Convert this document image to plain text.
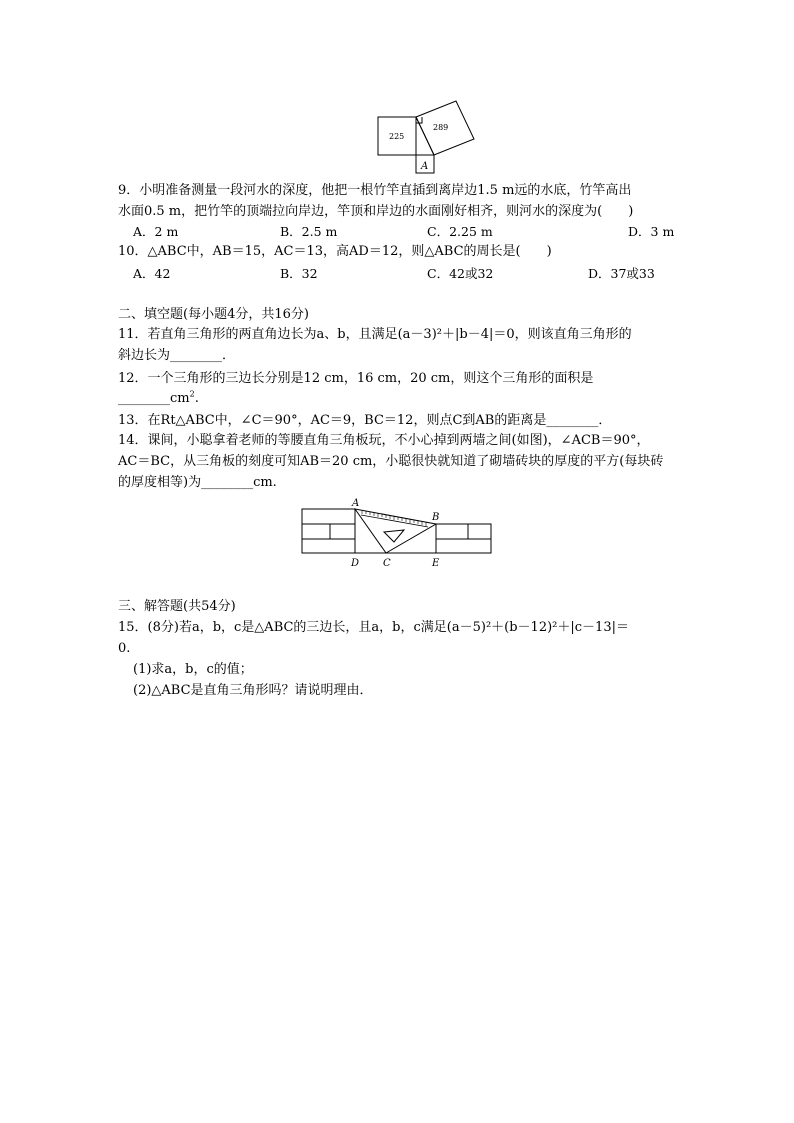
225
289
A
9．小明准备测量一段河水的深度，他把一根竹竿直插到离岸边1.5 m远的水底，竹竿高出
水面0.5 m，把竹竿的顶端拉向岸边，竿顶和岸边的水面刚好相齐，则河水的深度为(　　)
A．2 m	B．2.5 m	C．2.25 m	D．3 m
10．△ABC中，AB＝15，AC＝13，高AD＝12，则△ABC的周长是(　　)
A．42	B．32	C．42或32	D．37或33
二、填空题(每小题4分，共16分)
11．若直角三角形的两直角边长为a、b，且满足(a－3)²＋|b－4|＝0，则该直角三角形的
斜边长为________．
12．一个三角形的三边长分别是12 cm，16 cm，20 cm，则这个三角形的面积是
$\_\_\_\_\_\_\_\_cm^2$.
13．在Rt△ABC中，∠C＝90°，AC＝9，BC＝12，则点C到AB的距离是________．
14．课间，小聪拿着老师的等腰直角三角板玩，不小心掉到两墙之间(如图)，∠ACB＝90°，
AC＝BC，从三角板的刻度可知AB＝20 cm，小聪很快就知道了砌墙砖块的厚度的平方(每块砖
的厚度相等)为________cm.
A
B
C
D	E
三、解答题(共54分)
15．(8分)若a，b，c是△ABC的三边长，且a，b，c满足(a－5)²＋(b－12)²＋|c－13|＝
0.
(1)求a，b，c的值；
(2)△ABC是直角三角形吗？请说明理由．
